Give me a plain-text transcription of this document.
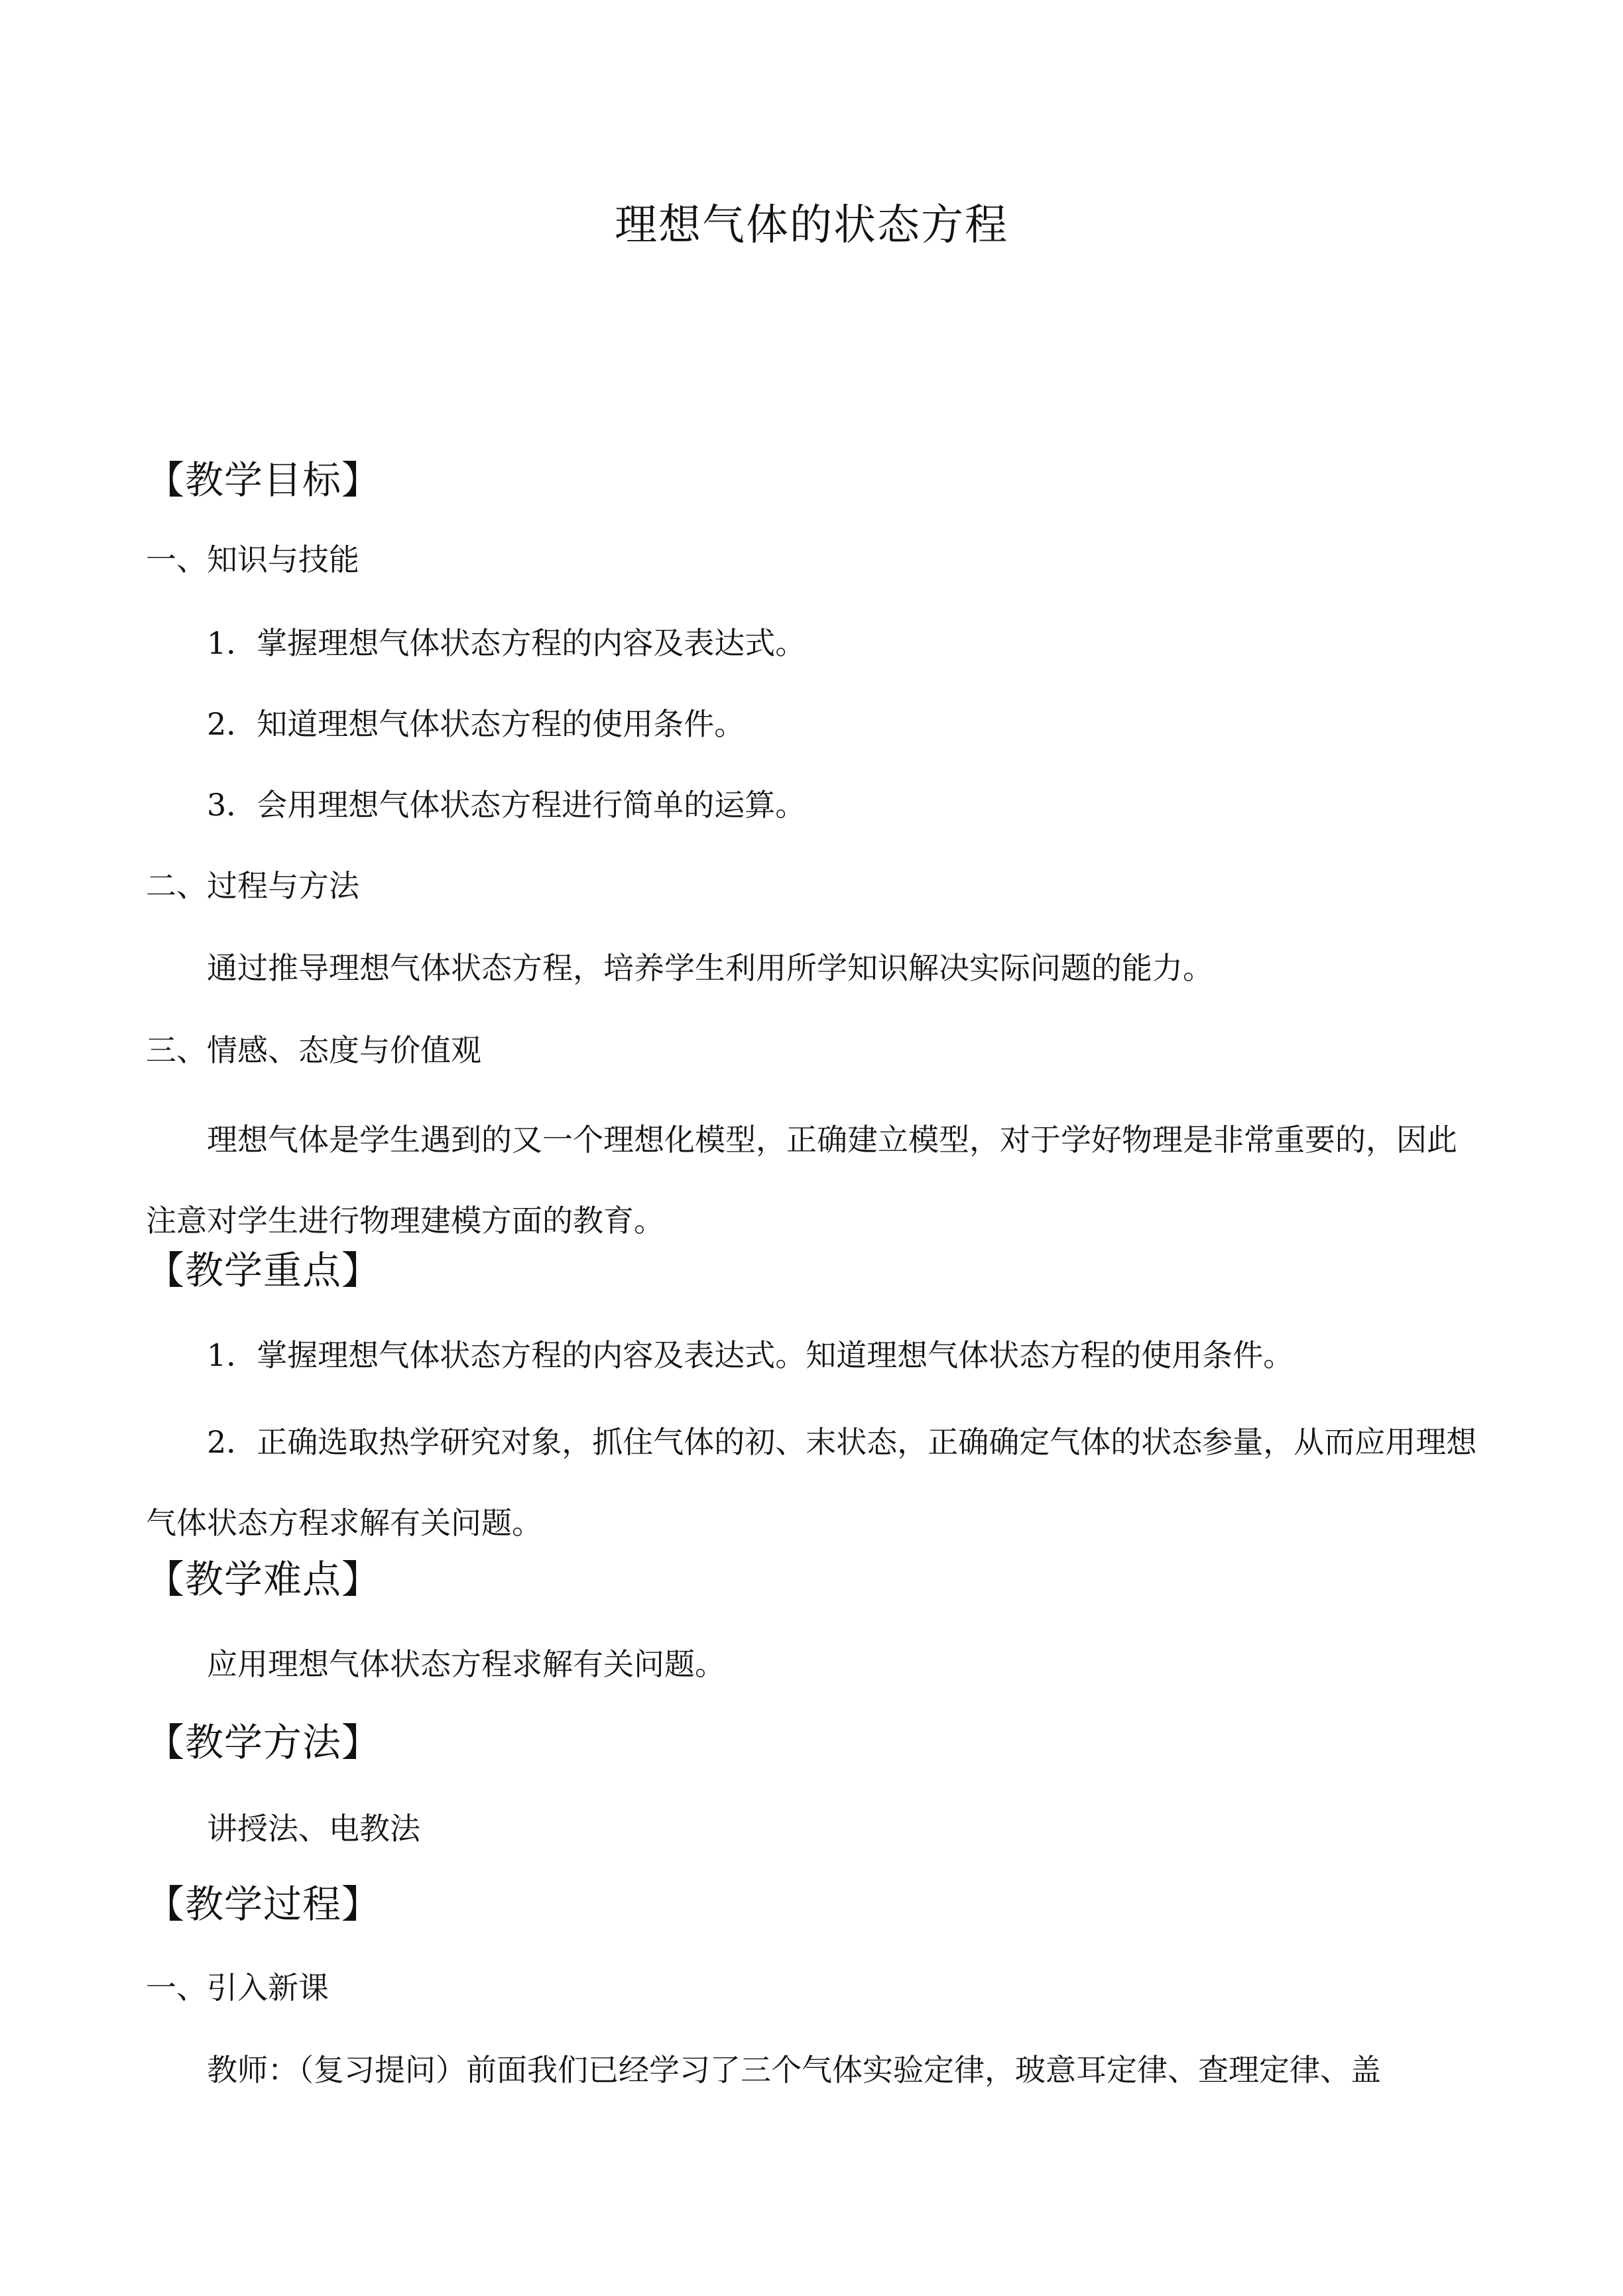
理想气体的状态方程
【教学目标】
一、知识与技能
1．掌握理想气体状态方程的内容及表达式。
2．知道理想气体状态方程的使用条件。
3．会用理想气体状态方程进行简单的运算。
二、过程与方法
通过推导理想气体状态方程，培养学生利用所学知识解决实际问题的能力。
三、情感、态度与价值观
理想气体是学生遇到的又一个理想化模型，正确建立模型，对于学好物理是非常重要的，因此注意对学生进行物理建模方面的教育。
【教学重点】
1．掌握理想气体状态方程的内容及表达式。知道理想气体状态方程的使用条件。
2．正确选取热学研究对象，抓住气体的初、末状态，正确确定气体的状态参量，从而应用理想气体状态方程求解有关问题。
【教学难点】
应用理想气体状态方程求解有关问题。
【教学方法】
讲授法、电教法
【教学过程】
一、引入新课
教师：（复习提问）前面我们已经学习了三个气体实验定律，玻意耳定律、查理定律、盖
